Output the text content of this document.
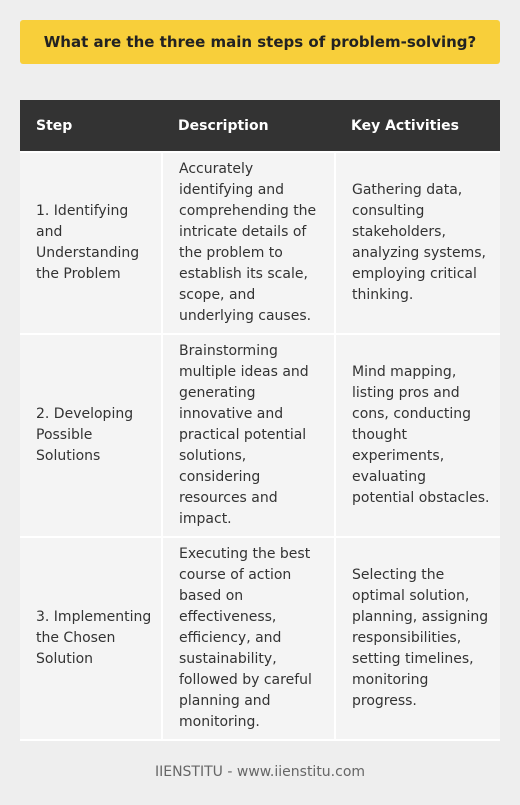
What are the three main steps of problem-solving?
Step	Description	Key Activities
1. Identifying and Understanding the Problem	Accurately identifying and comprehending the intricate details of the problem to establish its scale, scope, and underlying causes.	Gathering data, consulting stakeholders, analyzing systems, employing critical thinking.
2. Developing Possible Solutions	Brainstorming multiple ideas and generating innovative and practical potential solutions, considering resources and impact.	Mind mapping, listing pros and cons, conducting thought experiments, evaluating potential obstacles.
3. Implementing the Chosen Solution	Executing the best course of action based on effectiveness, efficiency, and sustainability, followed by careful planning and monitoring.	Selecting the optimal solution, planning, assigning responsibilities, setting timelines, monitoring progress.
IIENSTITU - www.iienstitu.com
